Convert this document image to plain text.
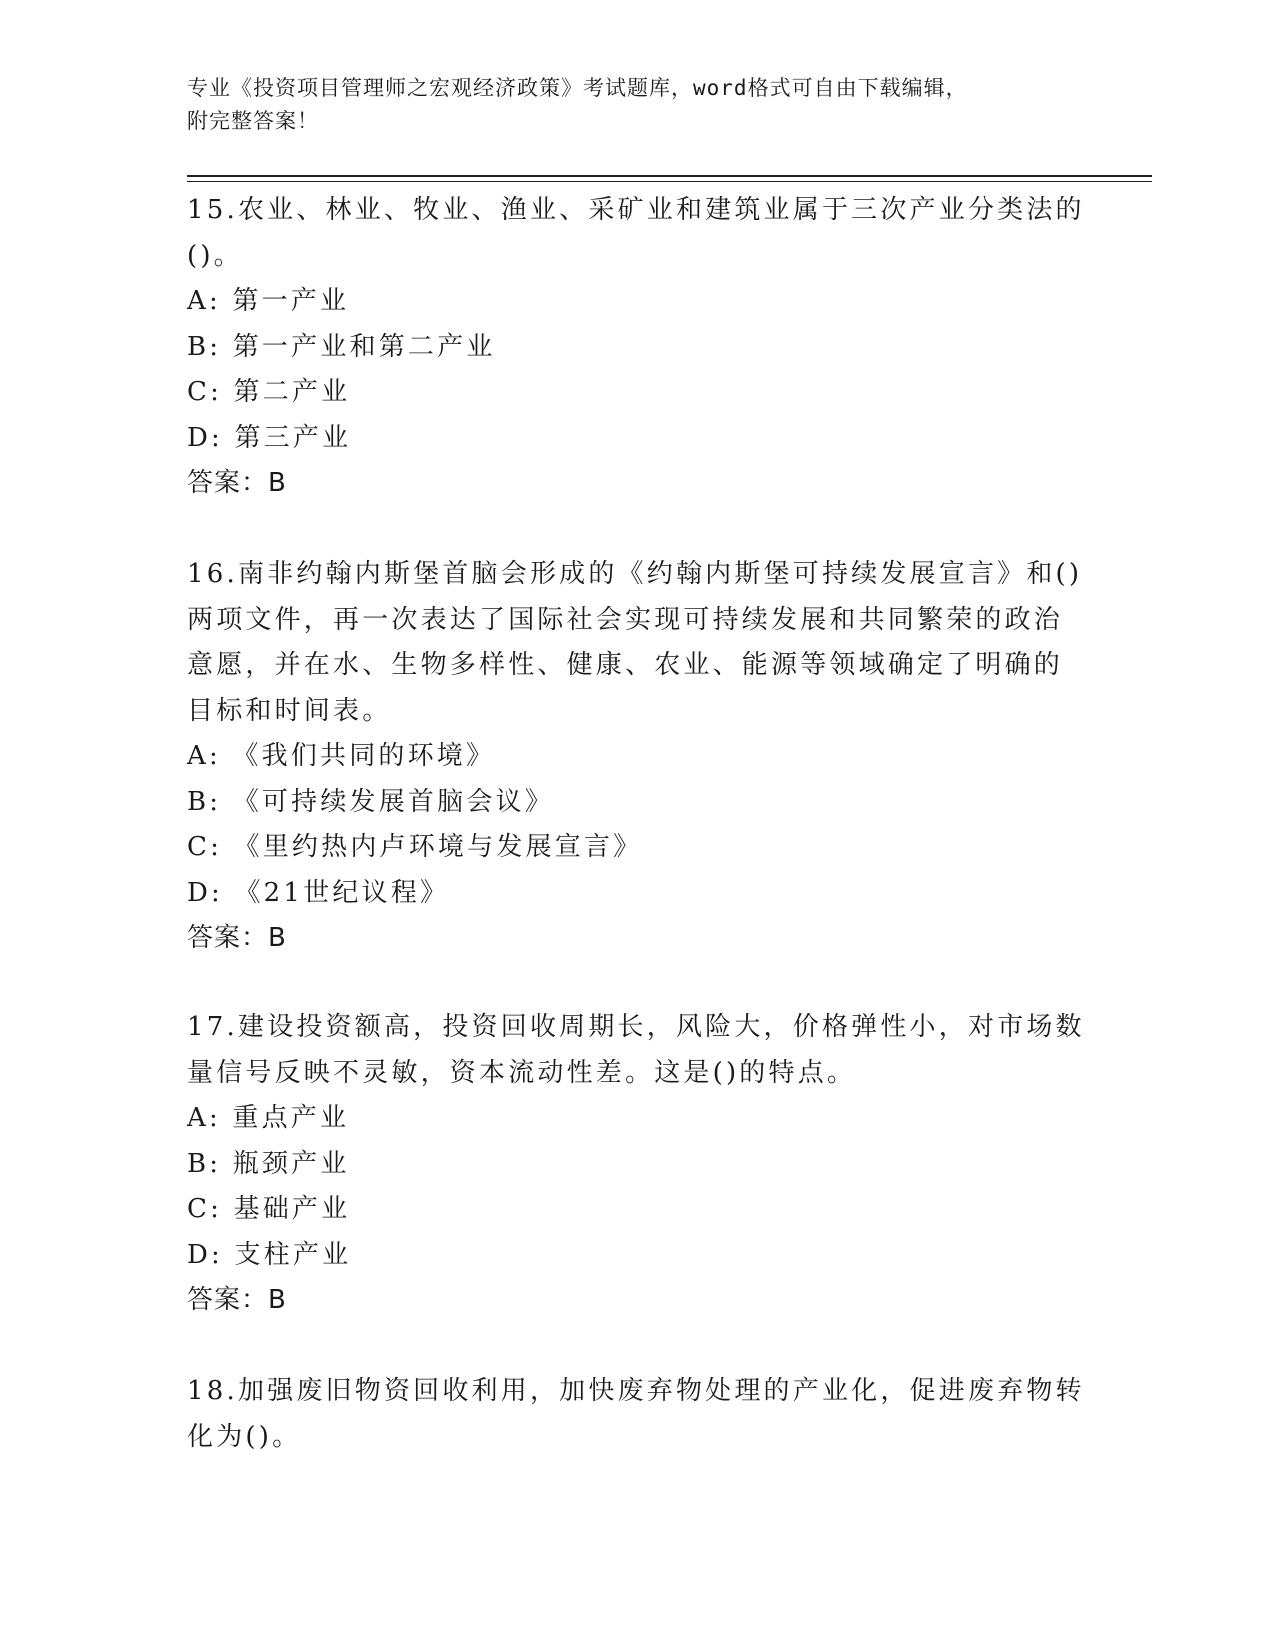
专业《投资项目管理师之宏观经济政策》考试题库，word格式可自由下载编辑，
附完整答案！
15.农业、林业、牧业、渔业、采矿业和建筑业属于三次产业分类法的
()。
A: 第一产业
B: 第一产业和第二产业
C: 第二产业
D: 第三产业
答案：B
16.南非约翰内斯堡首脑会形成的《约翰内斯堡可持续发展宣言》和()
两项文件，再一次表达了国际社会实现可持续发展和共同繁荣的政治
意愿，并在水、生物多样性、健康、农业、能源等领域确定了明确的
目标和时间表。
A: 《我们共同的环境》
B: 《可持续发展首脑会议》
C: 《里约热内卢环境与发展宣言》
D: 《21世纪议程》
答案：B
17.建设投资额高，投资回收周期长，风险大，价格弹性小，对市场数
量信号反映不灵敏，资本流动性差。这是()的特点。
A: 重点产业
B: 瓶颈产业
C: 基础产业
D: 支柱产业
答案：B
18.加强废旧物资回收利用，加快废弃物处理的产业化，促进废弃物转
化为()。
